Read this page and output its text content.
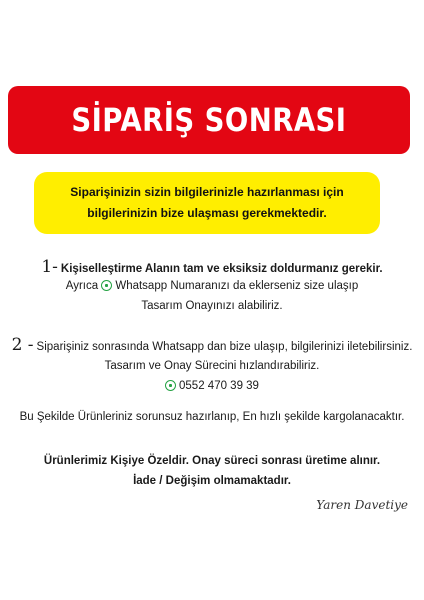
SİPARİŞ SONRASI
Siparişinizin sizin bilgilerinizle hazırlanması için
bilgilerinizin bize ulaşması gerekmektedir.
1- Kişiselleştirme Alanın tam ve eksiksiz doldurmanız gerekir.
Ayrıca Whatsapp Numaranızı da eklerseniz size ulaşıp
Tasarım Onayınızı alabiliriz.
2 - Siparişiniz sonrasında Whatsapp dan bize ulaşıp, bilgilerinizi iletebilirsiniz.
Tasarım ve Onay Sürecini hızlandırabiliriz.
0552 470 39 39
Bu Şekilde Ürünleriniz sorunsuz hazırlanıp, En hızlı şekilde kargolanacaktır.
Ürünlerimiz Kişiye Özeldir. Onay süreci sonrası üretime alınır.
İade / Değişim olmamaktadır.
Yaren Davetiye
